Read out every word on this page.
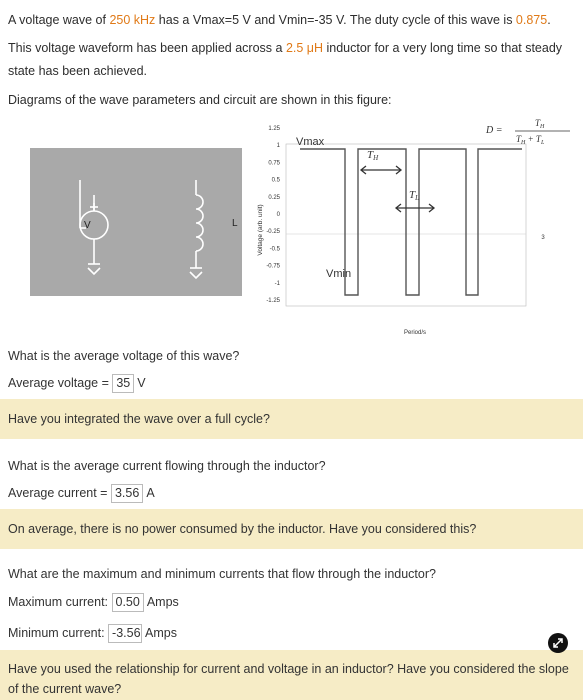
A voltage wave of 250 kHz has a Vmax=5 V and Vmin=-35 V. The duty cycle of this wave is 0.875.
This voltage waveform has been applied across a 2.5 μH inductor for a very long time so that steady
state has been achieved.
Diagrams of the wave parameters and circuit are shown in this figure:
V	L	Voltage (arb. unit)
1.25
1
0.75
0.5
0.25
0
-0.25
-0.5
-0.75
-1
-1.25
3
Vmax
Vmin
Period/s
TH
TL
D =
$T_H$
$T_H + T_L$
What is the average voltage of this wave?
Average voltage = 35 V
Have you integrated the wave over a full cycle?
What is the average current flowing through the inductor?
Average current = 3.56 A
On average, there is no power consumed by the inductor. Have you considered this?
What are the maximum and minimum currents that flow through the inductor?
Maximum current: 0.50 Amps
Minimum current: -3.56 Amps
Have you used the relationship for current and voltage in an inductor? Have you considered the slope
of the current wave?
